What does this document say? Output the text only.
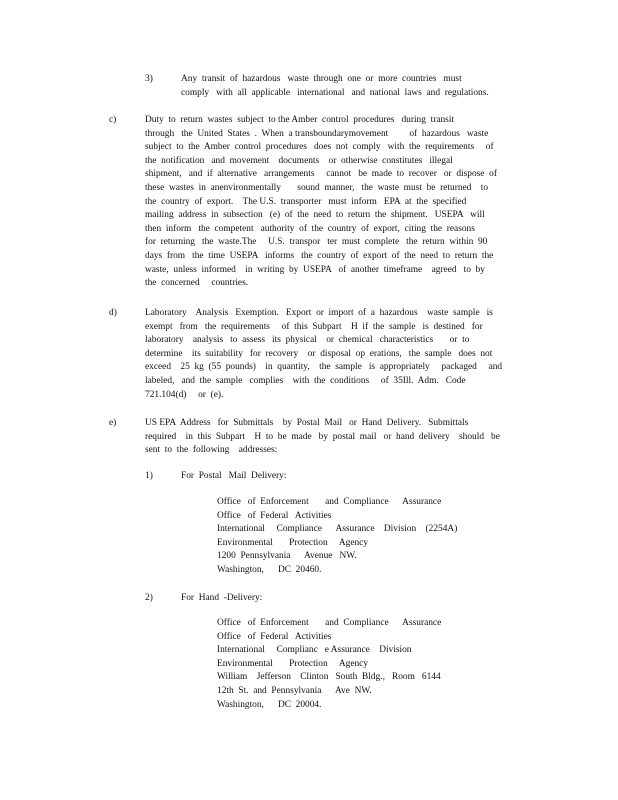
3)	Any  transit  of  hazardous   waste  through  one  or  more  countries   must
comply   with  all  applicable   international   and  national  laws  and  regulations.
c)	Duty  to  return  wastes  subject  to the Amber  control  procedures   during  transit
through   the  United  States  .  When  a transboundarymovement         of  hazardous   waste
subject  to  the  Amber  control  procedures   does  not  comply   with  the  requirements     of
the  notification   and  movement    documents    or  otherwise  constitutes   illegal
shipment,   and  if  alternative   arrangements     cannot   be  made  to  recover   or  dispose  of
these  wastes  in  anenvironmentally       sound  manner,   the  waste  must  be  returned    to
the  country  of  export.    The U.S.  transporter   must  inform   EPA  at  the  specified
mailing  address  in  subsection   (e)  of  the  need  to  return  the  shipment.   USEPA   will
then  inform   the  competent   authority  of  the  country  of  export,  citing  the  reasons
for  returning   the  waste.The     U.S.  transpor   ter  must  complete   the  return  within  90
days  from   the  time  USEPA   informs   the  country  of  export  of  the  need  to  return  the
waste,  unless  informed    in  writing  by  USEPA   of  another  timeframe    agreed   to  by
the  concerned     countries.
d)	Laboratory    Analysis   Exemption.   Export  or  import  of  a  hazardous    waste  sample   is
exempt   from   the  requirements     of  this  Subpart    H  if  the  sample   is  destined   for
laboratory    analysis   to  assess   its  physical    or  chemical   characteristics       or  to
determine    its  suitability   for  recovery    or  disposal  op  erations,   the  sample   does  not
exceed    25  kg  (55  pounds)    in  quantity,    the  sample   is  appropriately     packaged     and
labeled,   and  the  sample   complies    with  the  conditions     of  35Ill.  Adm.   Code
721.104(d)     or  (e).
e)	US EPA  Address   for  Submittals    by  Postal  Mail   or  Hand  Delivery.   Submittals
required    in  this  Subpart    H  to  be  made   by  postal  mail   or  hand  delivery    should   be
sent  to  the  following    addresses:
1)	For  Postal   Mail  Delivery:
Office   of  Enforcement       and  Compliance      Assurance
Office   of  Federal   Activities
International     Compliance      Assurance    Division    (2254A)
Environmental       Protection     Agency
1200  Pennsylvania      Avenue   NW.
Washington,      DC  20460.
2)	For  Hand  -Delivery:
Office   of  Enforcement       and  Compliance      Assurance
Office   of  Federal   Activities
International     Complianc   e Assurance    Division
Environmental       Protection     Agency
William    Jefferson    Clinton   South  Bldg.,   Room   6144
12th  St.  and  Pennsylvania      Ave  NW.
Washington,      DC  20004.
